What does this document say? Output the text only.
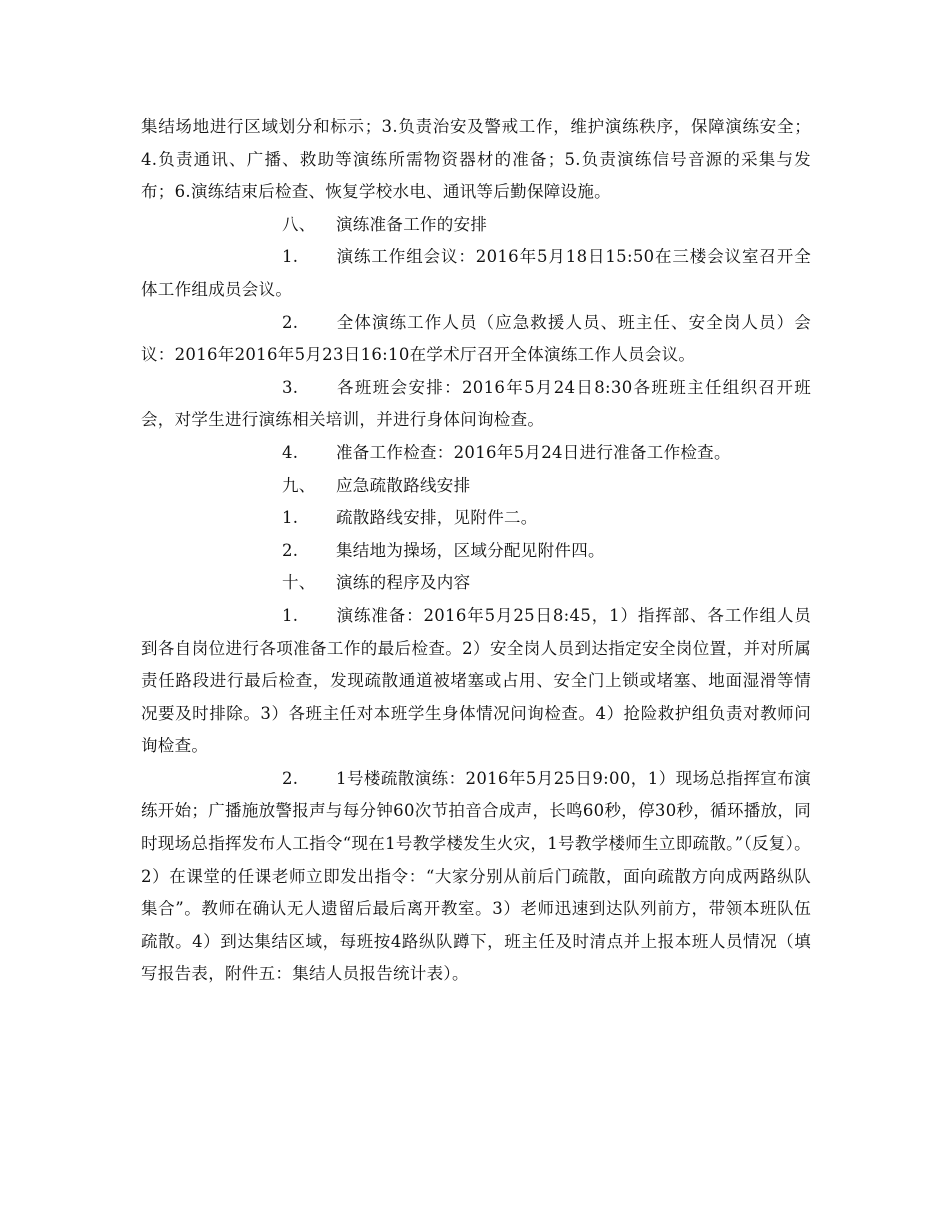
集结场地进行区域划分和标示；3.负责治安及警戒工作，维护演练秩序，保障演练安全；4.负责通讯、广播、救助等演练所需物资器材的准备；5.负责演练信号音源的采集与发布；6.演练结束后检查、恢复学校水电、通讯等后勤保障设施。

八、 演练准备工作的安排

1. 演练工作组会议：2016年5月18日15:50在三楼会议室召开全体工作组成员会议。

2. 全体演练工作人员（应急救援人员、班主任、安全岗人员）会议：2016年2016年5月23日16:10在学术厅召开全体演练工作人员会议。

3. 各班班会安排：2016年5月24日8:30各班班主任组织召开班会，对学生进行演练相关培训，并进行身体问询检查。

4. 准备工作检查：2016年5月24日进行准备工作检查。

九、 应急疏散路线安排

1. 疏散路线安排，见附件二。

2. 集结地为操场，区域分配见附件四。

十、 演练的程序及内容

1. 演练准备：2016年5月25日8:45，1）指挥部、各工作组人员到各自岗位进行各项准备工作的最后检查。2）安全岗人员到达指定安全岗位置，并对所属责任路段进行最后检查，发现疏散通道被堵塞或占用、安全门上锁或堵塞、地面湿滑等情况要及时排除。3）各班主任对本班学生身体情况问询检查。4）抢险救护组负责对教师问询检查。

2. 1号楼疏散演练：2016年5月25日9:00，1）现场总指挥宣布演练开始；广播施放警报声与每分钟60次节拍音合成声，长鸣60秒，停30秒，循环播放，同时现场总指挥发布人工指令“现在1号教学楼发生火灾，1号教学楼师生立即疏散。”（反复）。2）在课堂的任课老师立即发出指令：“大家分别从前后门疏散，面向疏散方向成两路纵队集合”。教师在确认无人遗留后最后离开教室。3）老师迅速到达队列前方，带领本班队伍疏散。4）到达集结区域，每班按4路纵队蹲下，班主任及时清点并上报本班人员情况（填写报告表，附件五：集结人员报告统计表）。
